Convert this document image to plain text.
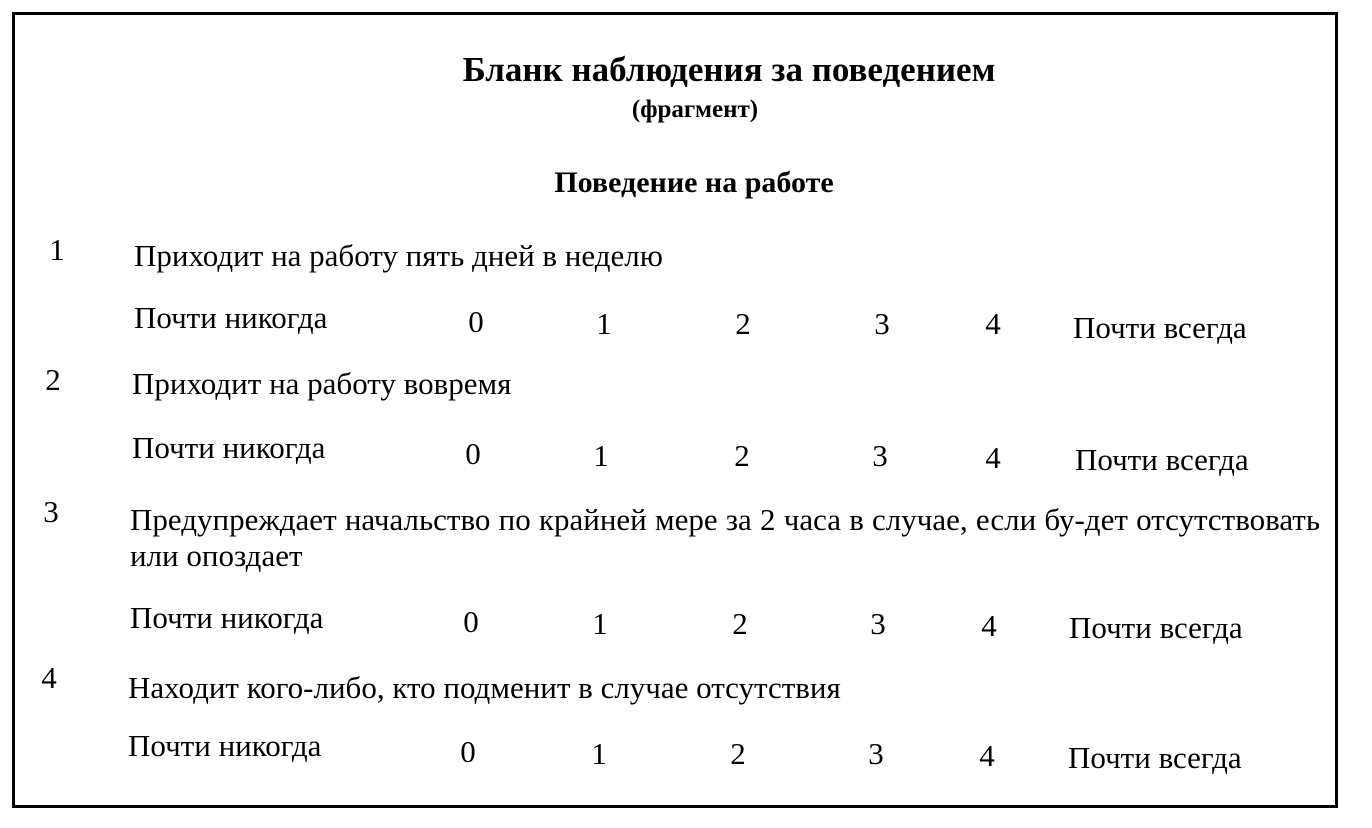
Бланк наблюдения за поведением
(фрагмент)
Поведение на работе
1 Приходит на работу пять дней в неделю
Почти никогда	0	1	2	3	4 Почти всегда
2 Приходит на работу вовремя
Почти никогда	0	1	2	3	4 Почти всегда
3 Предупреждает начальство по крайней мере за 2 часа в случае, если бу-дет отсутствовать или опоздает
Почти никогда	0	1	2	3	4 Почти всегда
4 Находит кого-либо, кто подменит в случае отсутствия
Почти никогда	0	1	2	3	4 Почти всегда
